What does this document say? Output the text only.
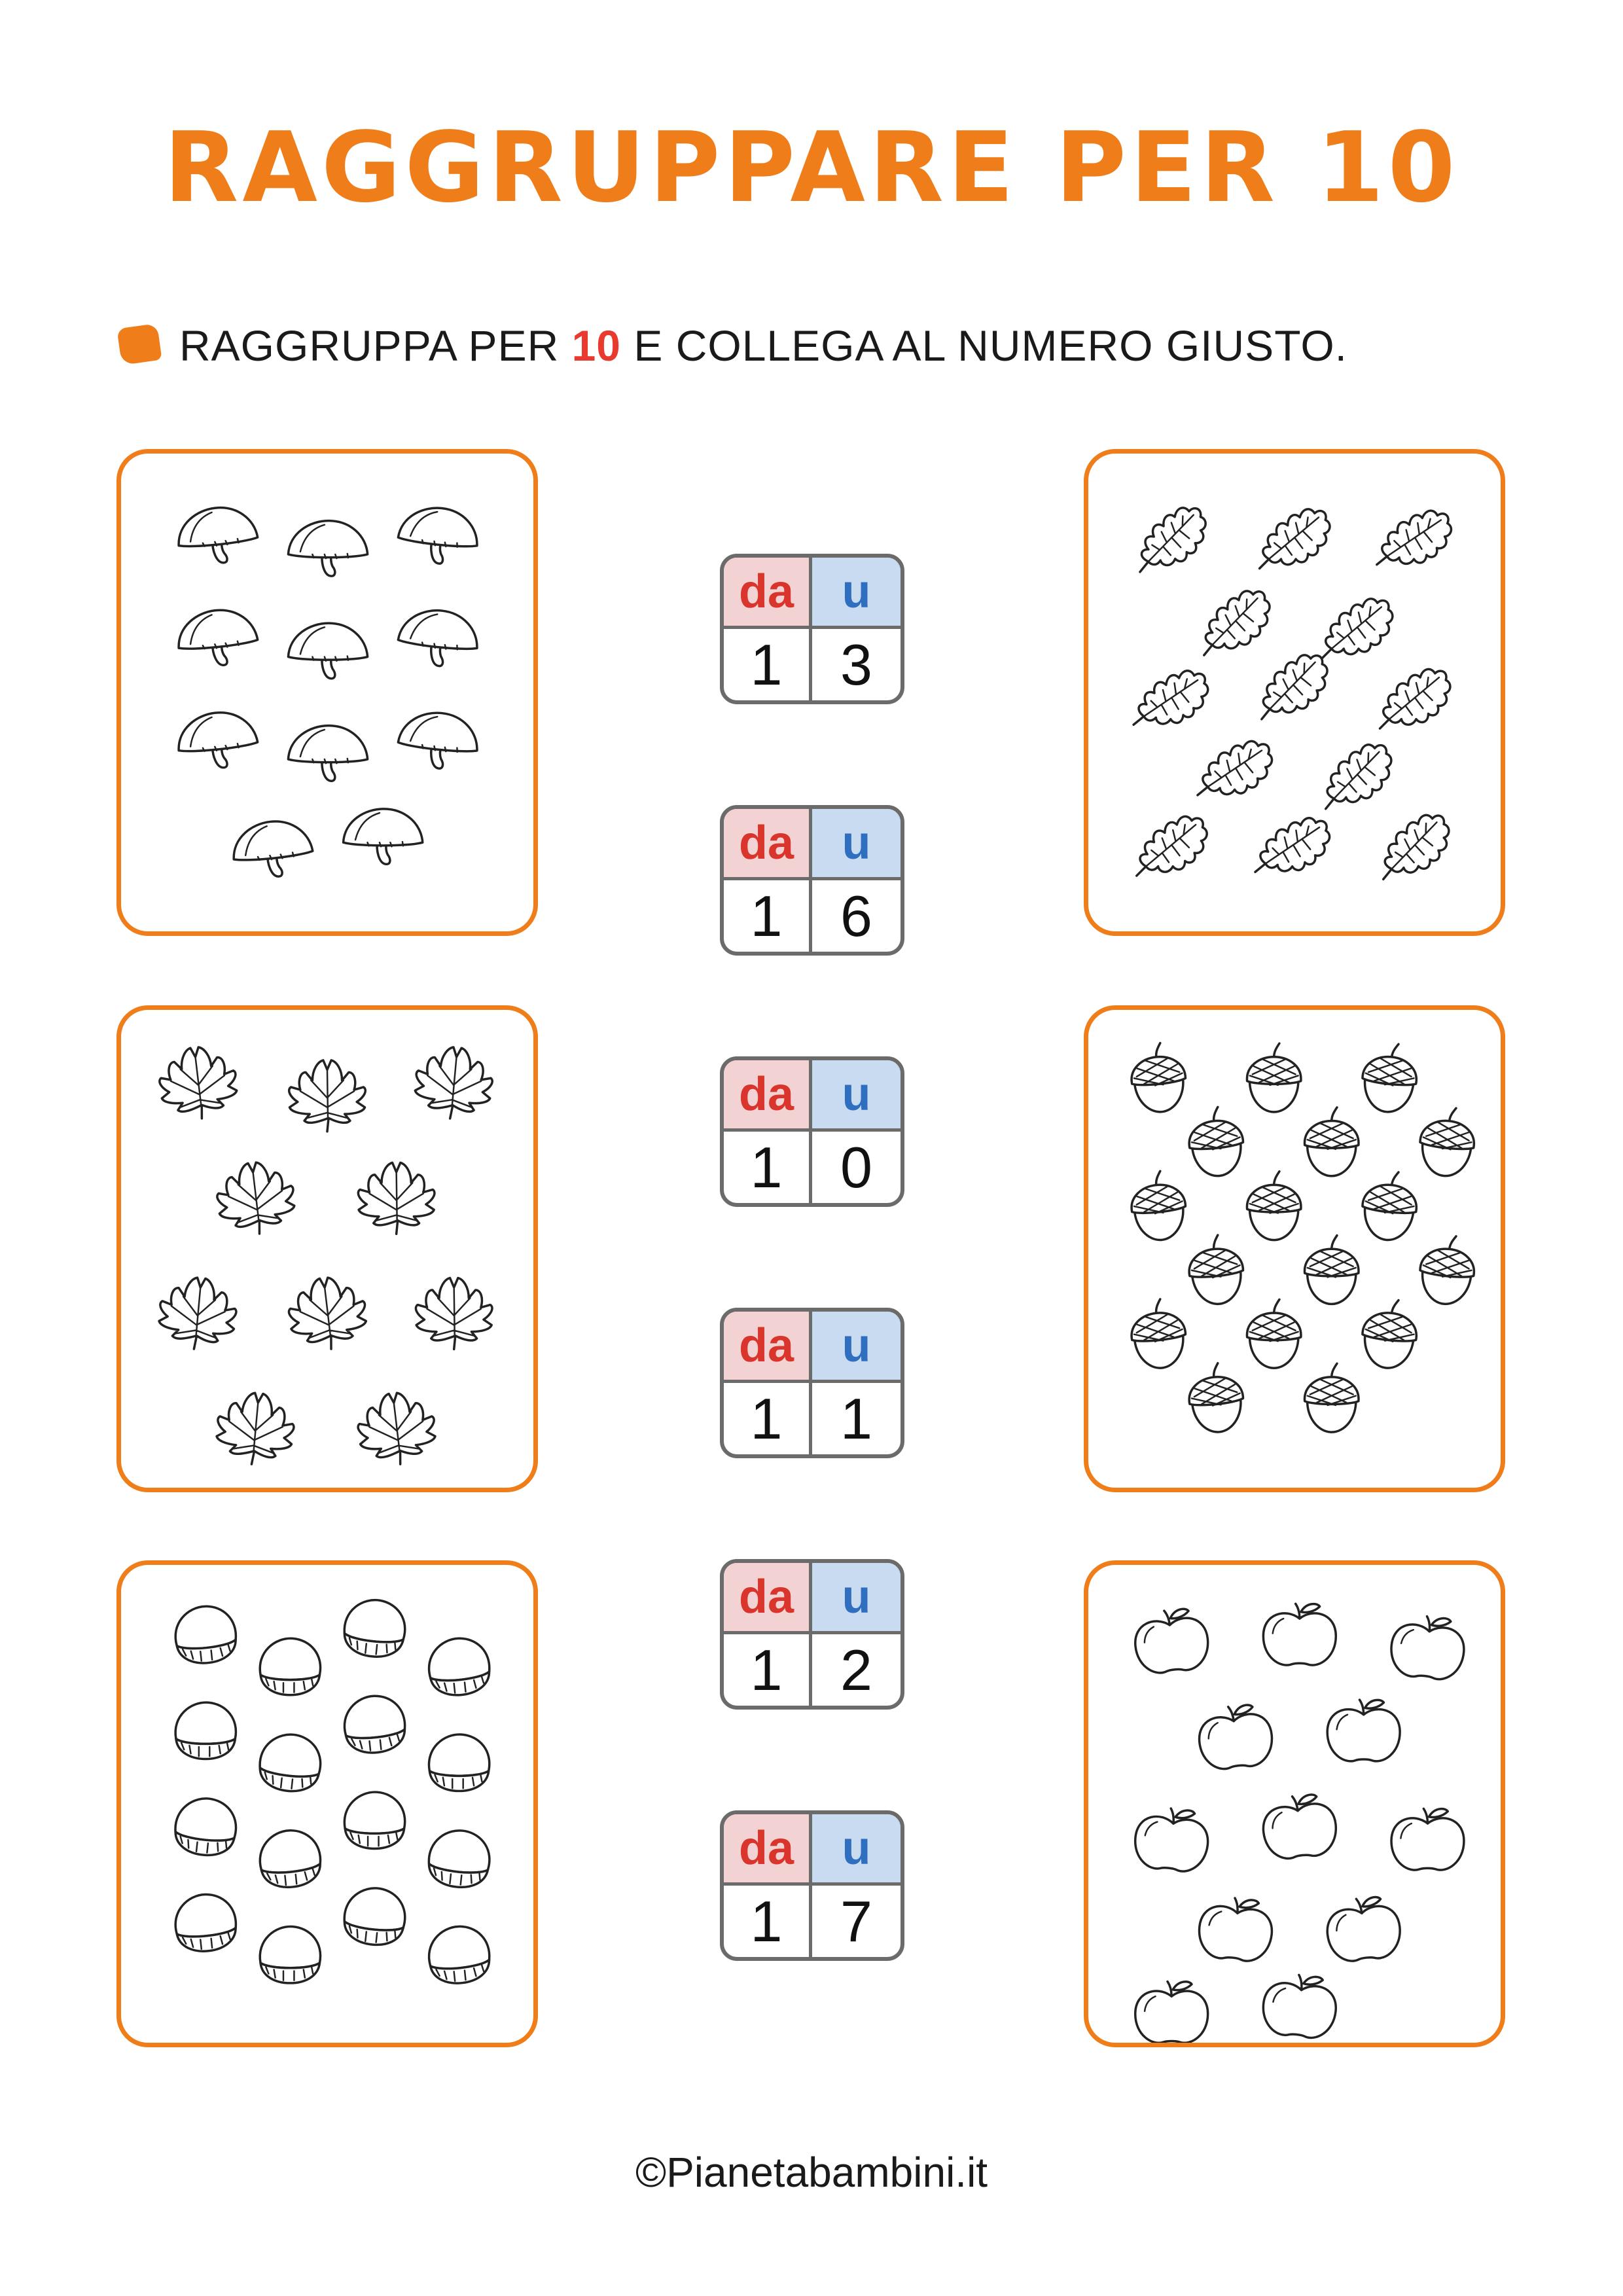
RAGGRUPPARE PER 10
RAGGRUPPA PER 10 E COLLEGA AL NUMERO GIUSTO.
da	u
1	3
da	u
1	6
da	u
1	0
da	u
1	1
da	u
1	2
da	u
1	7
©Pianetabambini.it
